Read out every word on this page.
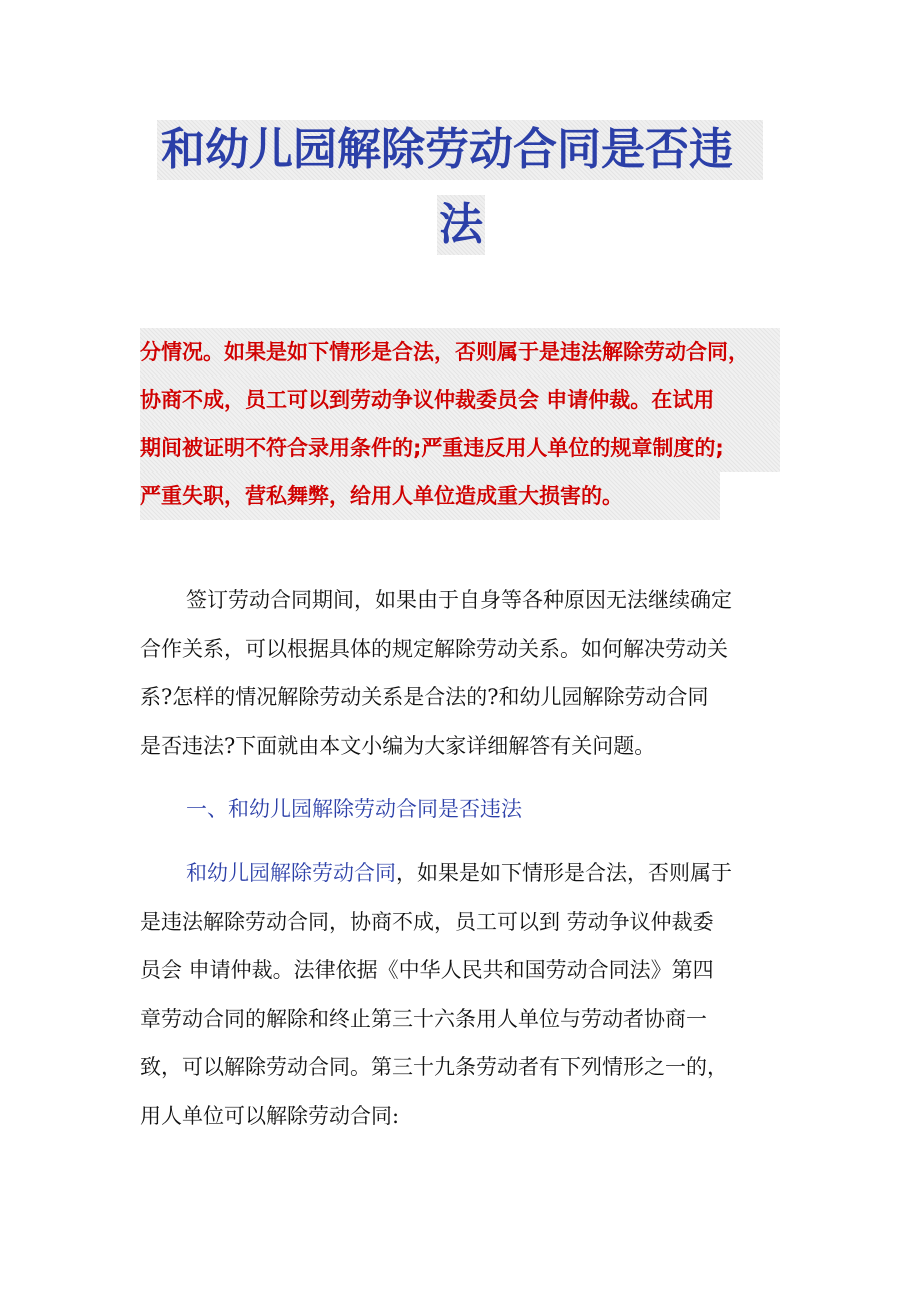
和幼儿园解除劳动合同是否违
法
分情况。如果是如下情形是合法，否则属于是违法解除劳动合同，
协商不成，员工可以到劳动争议仲裁委员会 申请仲裁。在试用
期间被证明不符合录用条件的;严重违反用人单位的规章制度的;
严重失职，营私舞弊，给用人单位造成重大损害的。
签订劳动合同期间，如果由于自身等各种原因无法继续确定
合作关系，可以根据具体的规定解除劳动关系。如何解决劳动关
系?怎样的情况解除劳动关系是合法的?和幼儿园解除劳动合同
是否违法?下面就由本文小编为大家详细解答有关问题。
一、和幼儿园解除劳动合同是否违法
和幼儿园解除劳动合同，如果是如下情形是合法，否则属于
是违法解除劳动合同，协商不成，员工可以到 劳动争议仲裁委
员会 申请仲裁。法律依据《中华人民共和国劳动合同法》第四
章劳动合同的解除和终止第三十六条用人单位与劳动者协商一
致，可以解除劳动合同。第三十九条劳动者有下列情形之一的，
用人单位可以解除劳动合同:
